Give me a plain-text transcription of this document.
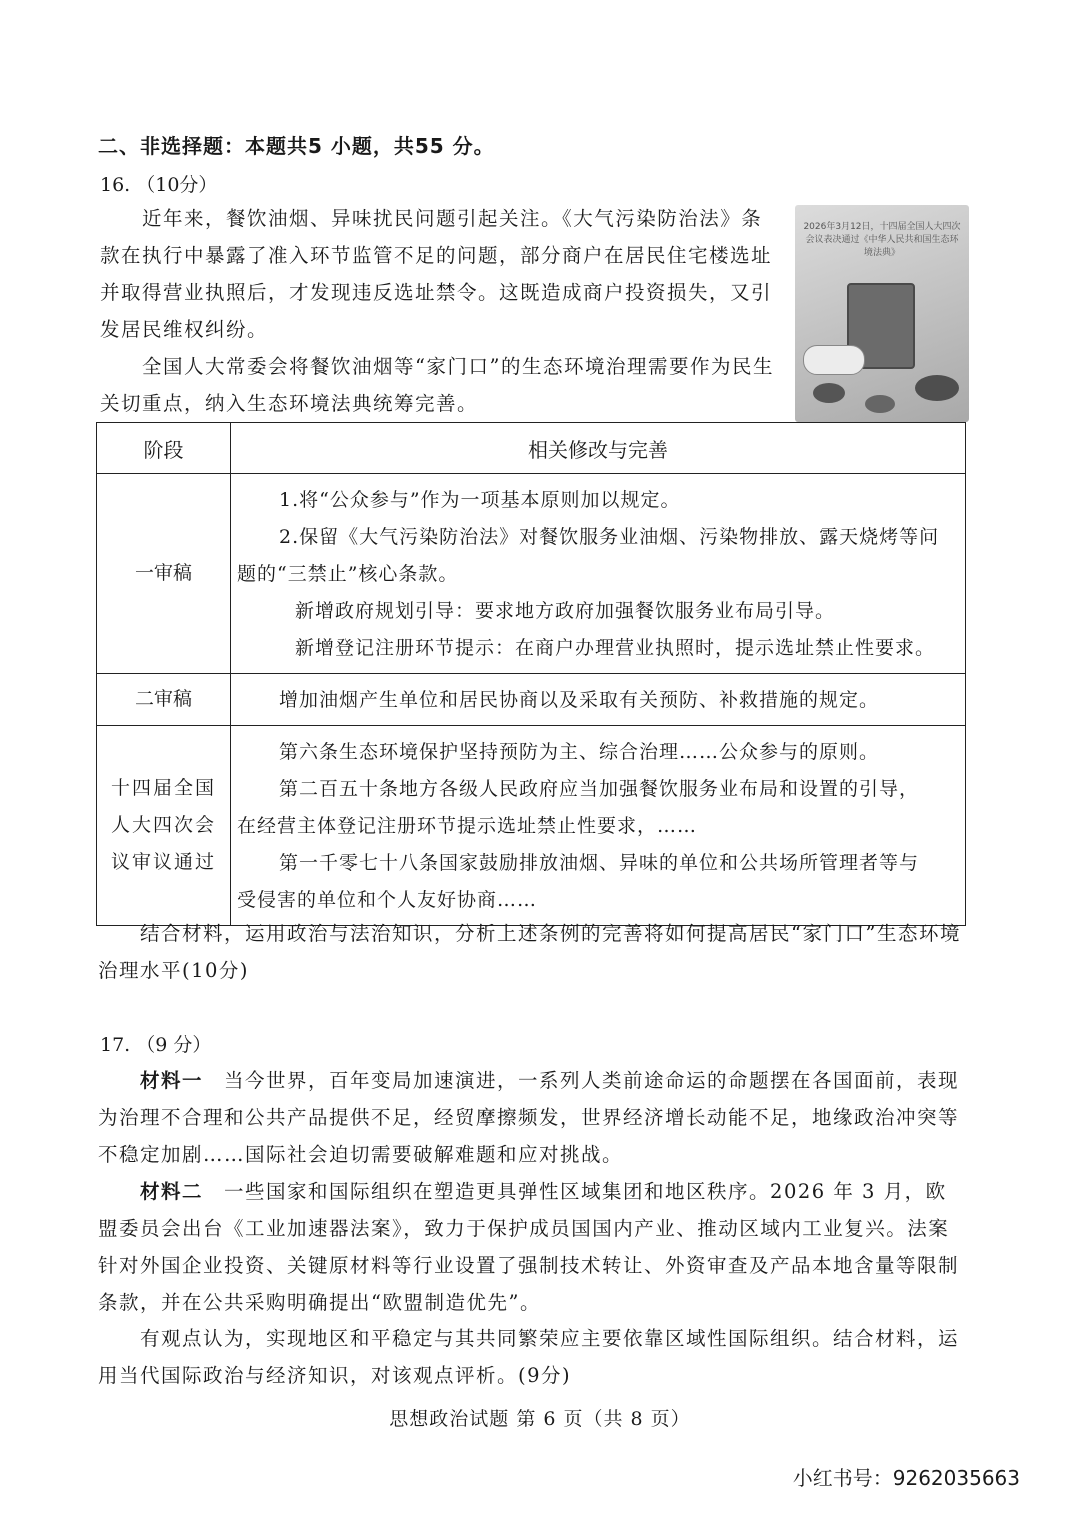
二、非选择题：本题共5 小题，共55 分。
16. （10分）

近年来，餐饮油烟、异味扰民问题引起关注。《大气污染防治法》条款在执行中暴露了准入环节监管不足的问题，部分商户在居民住宅楼选址并取得营业执照后，才发现违反选址禁令。这既造成商户投资损失，又引发居民维权纠纷。

全国人大常委会将餐饮油烟等“家门口”的生态环境治理需要作为民生关切重点，纳入生态环境法典统筹完善。

2026年3月12日，十四届全国人大四次会议表决通过《中华人民共和国生态环境法典》
阶段	相关修改与完善
一审稿	1.将“公众参与”作为一项基本原则加以规定。
2.保留《大气污染防治法》对餐饮服务业油烟、污染物排放、露天烧烤等问
题的“三禁止”核心条款。
新增政府规划引导：要求地方政府加强餐饮服务业布局引导。
新增登记注册环节提示：在商户办理营业执照时，提示选址禁止性要求。

二审稿	增加油烟产生单位和居民协商以及采取有关预防、补救措施的规定。

十四届全国人大四次会议审议通过	第六条生态环境保护坚持预防为主、综合治理……公众参与的原则。
第二百五十条地方各级人民政府应当加强餐饮服务业布局和设置的引导，
在经营主体登记注册环节提示选址禁止性要求，……
第一千零七十八条国家鼓励排放油烟、异味的单位和公共场所管理者等与
受侵害的单位和个人友好协商……

结合材料，运用政治与法治知识，分析上述条例的完善将如何提高居民“家门口”生态环境治理水平(10分)

17. （9 分）

材料一　 当今世界，百年变局加速演进，一系列人类前途命运的命题摆在各国面前，表现为治理不合理和公共产品提供不足，经贸摩擦频发，世界经济增长动能不足，地缘政治冲突等不稳定加剧……国际社会迫切需要破解难题和应对挑战。

材料二　 一些国家和国际组织在塑造更具弹性区域集团和地区秩序。2026 年 3 月，欧盟委员会出台《工业加速器法案》，致力于保护成员国国内产业、推动区域内工业复兴。法案针对外国企业投资、关键原材料等行业设置了强制技术转让、外资审查及产品本地含量等限制条款，并在公共采购明确提出“欧盟制造优先”。

有观点认为，实现地区和平稳定与其共同繁荣应主要依靠区域性国际组织。结合材料，运用当代国际政治与经济知识，对该观点评析。(9分)

思想政治试题 第 6 页（共 8 页）
小红书号：9262035663
